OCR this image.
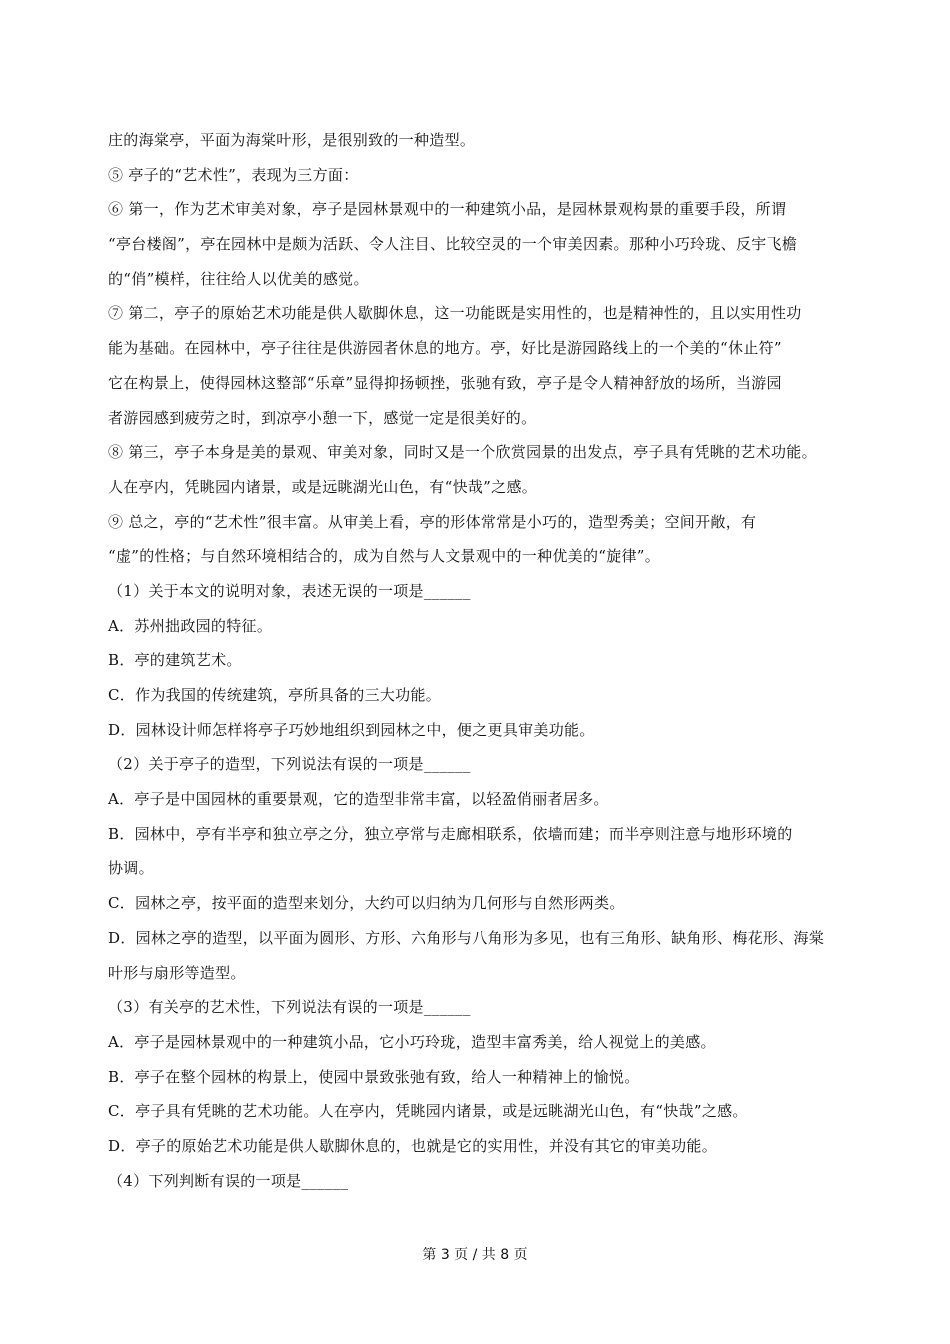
庄的海棠亭，平面为海棠叶形，是很别致的一种造型。
⑤ 亭子的“艺术性”，表现为三方面：
⑥ 第一，作为艺术审美对象，亭子是园林景观中的一种建筑小品，是园林景观构景的重要手段，所谓
“亭台楼阁”，亭在园林中是颇为活跃、令人注目、比较空灵的一个审美因素。那种小巧玲珑、反宇飞檐
的“俏”模样，往往给人以优美的感觉。
⑦ 第二，亭子的原始艺术功能是供人歇脚休息，这一功能既是实用性的，也是精神性的，且以实用性功
能为基础。在园林中，亭子往往是供游园者休息的地方。亭，好比是游园路线上的一个美的“休止符”
它在构景上，使得园林这整部“乐章”显得抑扬顿挫，张驰有致，亭子是令人精神舒放的场所，当游园
者游园感到疲劳之时，到凉亭小憩一下，感觉一定是很美好的。
⑧ 第三，亭子本身是美的景观、审美对象，同时又是一个欣赏园景的出发点，亭子具有凭眺的艺术功能。
人在亭内，凭眺园内诸景，或是远眺湖光山色，有“快哉”之感。
⑨ 总之，亭的“艺术性”很丰富。从审美上看，亭的形体常常是小巧的，造型秀美；空间开敞，有
“虚”的性格；与自然环境相结合的，成为自然与人文景观中的一种优美的“旋律”。
（1）关于本文的说明对象，表述无误的一项是______
A．苏州拙政园的特征。
B．亭的建筑艺术。
C．作为我国的传统建筑，亭所具备的三大功能。
D．园林设计师怎样将亭子巧妙地组织到园林之中，便之更具审美功能。
（2）关于亭子的造型，下列说法有误的一项是______
A．亭子是中国园林的重要景观，它的造型非常丰富，以轻盈俏丽者居多。
B．园林中，亭有半亭和独立亭之分，独立亭常与走廊相联系，依墙而建；而半亭则注意与地形环境的
协调。
C．园林之亭，按平面的造型来划分，大约可以归纳为几何形与自然形两类。
D．园林之亭的造型，以平面为圆形、方形、六角形与八角形为多见，也有三角形、缺角形、梅花形、海棠
叶形与扇形等造型。
（3）有关亭的艺术性，下列说法有误的一项是______
A．亭子是园林景观中的一种建筑小品，它小巧玲珑，造型丰富秀美，给人视觉上的美感。
B．亭子在整个园林的构景上，使园中景致张弛有致，给人一种精神上的愉悦。
C．亭子具有凭眺的艺术功能。人在亭内，凭眺园内诸景，或是远眺湖光山色，有“快哉”之感。
D．亭子的原始艺术功能是供人歇脚休息的，也就是它的实用性，并没有其它的审美功能。
（4）下列判断有误的一项是______
第 3 页 / 共 8 页
